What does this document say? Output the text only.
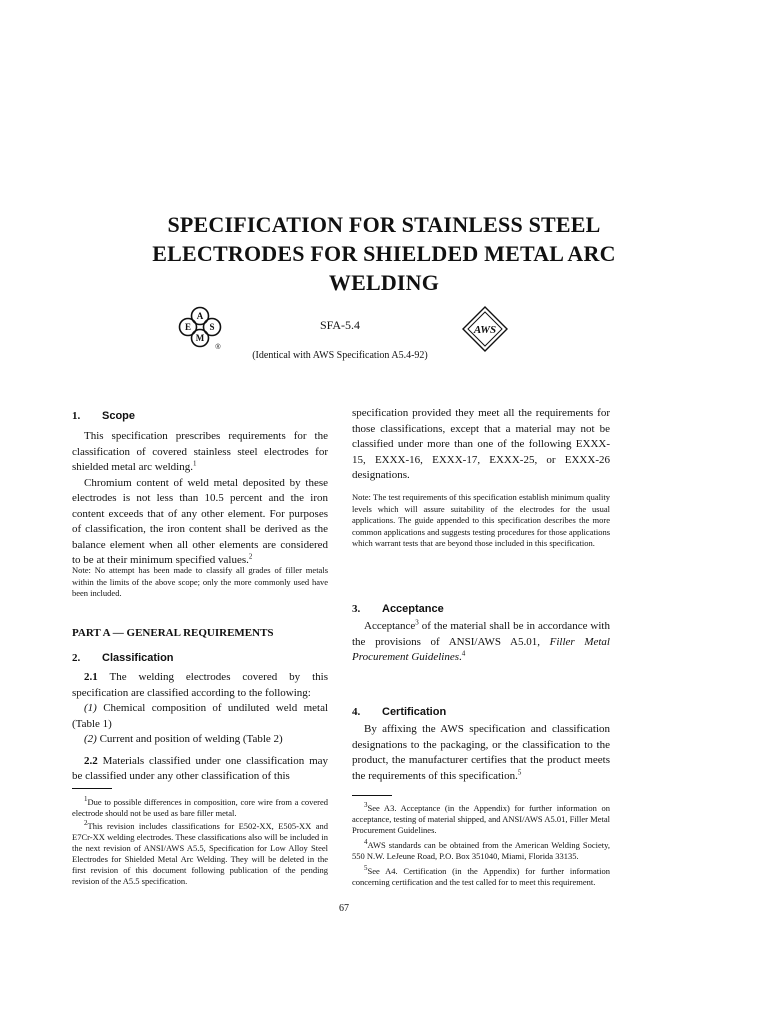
SPECIFICATION FOR STAINLESS STEEL
ELECTRODES FOR SHIELDED METAL ARC
WELDING
A
E S
M
®
SFA-5.4	AWS
(Identical with AWS Specification A5.4-92)
1. Scope

This specification prescribes requirements for the classification of covered stainless steel electrodes for shielded metal arc welding.$^1$

Chromium content of weld metal deposited by these electrodes is not less than 10.5 percent and the iron content exceeds that of any other element. For purposes of classification, the iron content shall be derived as the balance element when all other elements are considered to be at their minimum specified values.$^2$

Note: No attempt has been made to classify all grades of filler metals within the limits of the above scope; only the more commonly used have been included.

PART A — GENERAL REQUIREMENTS
2. Classification

2.1 The welding electrodes covered by this specification are classified according to the following:

(1) Chemical composition of undiluted weld metal (Table 1)

(2) Current and position of welding (Table 2)

2.2 Materials classified under one classification may be classified under any other classification of this

$^1$Due to possible differences in composition, core wire from a covered electrode should not be used as bare filler metal.

$^2$This revision includes classifications for E502-XX, E505-XX and E7Cr-XX welding electrodes. These classifications also will be included in the next revision of ANSI/AWS A5.5, Specification for Low Alloy Steel Electrodes for Shielded Metal Arc Welding. They will be deleted in the first revision of this document following publication of the pending revision of the A5.5 specification.

specification provided they meet all the requirements for those classifications, except that a material may not be classified under more than one of the following EXXX-15, EXXX-16, EXXX-17, EXXX-25, or EXXX-26 designations.

Note: The test requirements of this specification establish minimum quality levels which will assure suitability of the electrodes for the usual applications. The guide appended to this specification describes the more common applications and suggests testing procedures for those applications which warrant tests that are beyond those included in this specification.

3. Acceptance

Acceptance$^3$ of the material shall be in accordance with the provisions of ANSI/AWS A5.01, Filler Metal Procurement Guidelines.$^4$

4. Certification

By affixing the AWS specification and classification designations to the packaging, or the classification to the product, the manufacturer certifies that the product meets the requirements of this specification.$^5$

$^3$See A3. Acceptance (in the Appendix) for further information on acceptance, testing of material shipped, and ANSI/AWS A5.01, Filler Metal Procurement Guidelines.

$^4$AWS standards can be obtained from the American Welding Society, 550 N.W. LeJeune Road, P.O. Box 351040, Miami, Florida 33135.

$^5$See A4. Certification (in the Appendix) for further information concerning certification and the test called for to meet this requirement.

67
